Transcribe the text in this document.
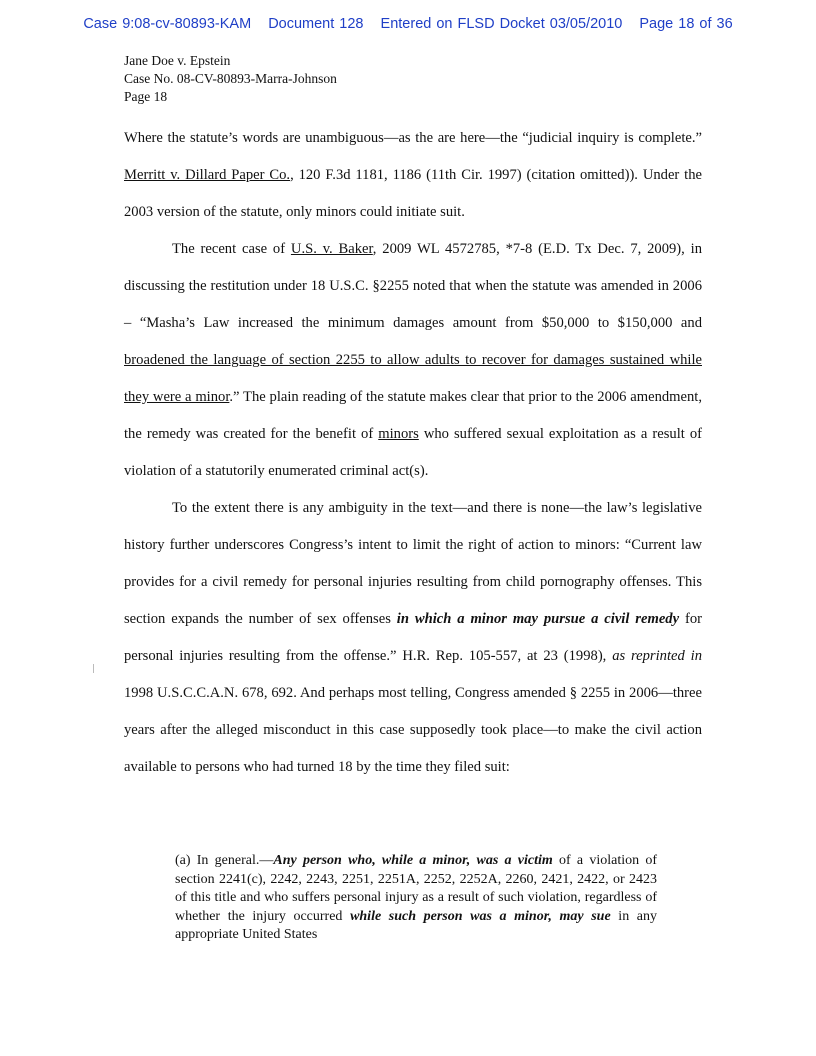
Case 9:08-cv-80893-KAM Document 128 Entered on FLSD Docket 03/05/2010 Page 18 of 36
Jane Doe v. Epstein
Case No. 08-CV-80893-Marra-Johnson
Page 18

Where the statute’s words are unambiguous—as the are here—the “judicial inquiry is complete.” Merritt v. Dillard Paper Co., 120 F.3d 1181, 1186 (11th Cir. 1997) (citation omitted)). Under the 2003 version of the statute, only minors could initiate suit.

The recent case of U.S. v. Baker, 2009 WL 4572785, *7-8 (E.D. Tx Dec. 7, 2009), in discussing the restitution under 18 U.S.C. §2255 noted that when the statute was amended in 2006 – “Masha’s Law increased the minimum damages amount from $50,000 to $150,000 and broadened the language of section 2255 to allow adults to recover for damages sustained while they were a minor.” The plain reading of the statute makes clear that prior to the 2006 amendment, the remedy was created for the benefit of minors who suffered sexual exploitation as a result of violation of a statutorily enumerated criminal act(s).

To the extent there is any ambiguity in the text—and there is none—the law’s legislative history further underscores Congress’s intent to limit the right of action to minors: “Current law provides for a civil remedy for personal injuries resulting from child pornography offenses. This section expands the number of sex offenses in which a minor may pursue a civil remedy for personal injuries resulting from the offense.” H.R. Rep. 105-557, at 23 (1998), as reprinted in 1998 U.S.C.C.A.N. 678, 692. And perhaps most telling, Congress amended § 2255 in 2006—three years after the alleged misconduct in this case supposedly took place—to make the civil action available to persons who had turned 18 by the time they filed suit:

(a) In general.—Any person who, while a minor, was a victim of a violation of section 2241(c), 2242, 2243, 2251, 2251A, 2252, 2252A, 2260, 2421, 2422, or 2423 of this title and who suffers personal injury as a result of such violation, regardless of whether the injury occurred while such person was a minor, may sue in any appropriate United States
